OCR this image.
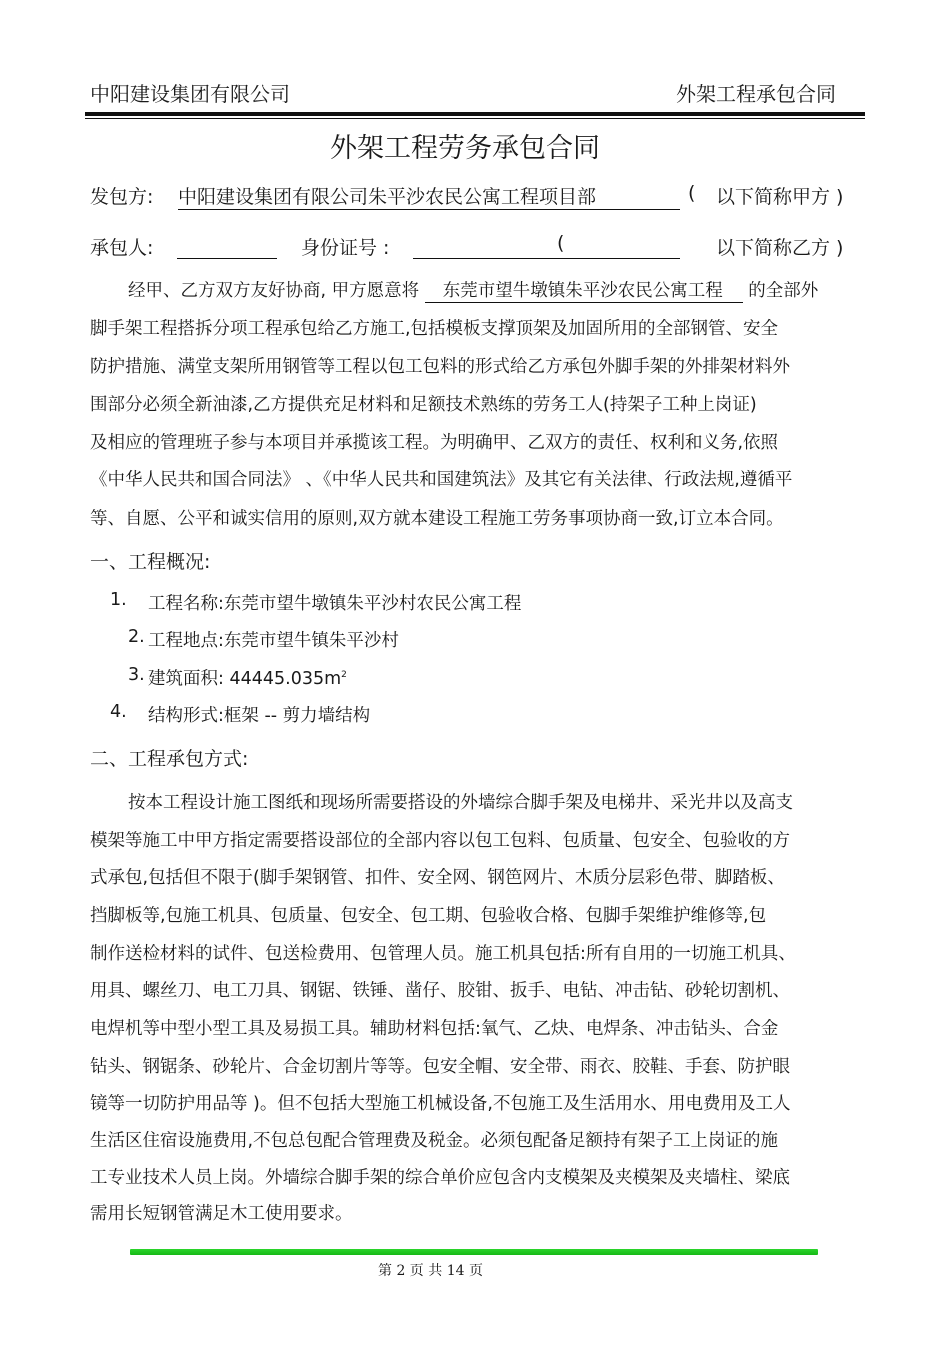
中阳建设集团有限公司	外架工程承包合同
外架工程劳务承包合同
发包方: 中阳建设集团有限公司朱平沙农民公寓工程项目部	( 以下简称甲方 )
承包人:	身份证号 :	(	以下简称乙方 )
经甲、乙方双方友好协商, 甲方愿意将 东莞市望牛墩镇朱平沙农民公寓工程 的全部外
脚手架工程搭拆分项工程承包给乙方施工,包括模板支撑顶架及加固所用的全部钢管、安全
防护措施、满堂支架所用钢管等工程以包工包料的形式给乙方承包外脚手架的外排架材料外
围部分必须全新油漆,乙方提供充足材料和足额技术熟练的劳务工人(持架子工种上岗证)
及相应的管理班子参与本项目并承揽该工程。为明确甲、乙双方的责任、权利和义务,依照
《中华人民共和国合同法》 、《中华人民共和国建筑法》及其它有关法律、行政法规,遵循平
等、自愿、公平和诚实信用的原则,双方就本建设工程施工劳务事项协商一致,订立本合同。
一、工程概况:
1. 工程名称:东莞市望牛墩镇朱平沙村农民公寓工程
2. 工程地点:东莞市望牛镇朱平沙村
3. 建筑面积: $44445.035m^2$
4. 结构形式:框架 -- 剪力墙结构
二、工程承包方式:
按本工程设计施工图纸和现场所需要搭设的外墙综合脚手架及电梯井、采光井以及高支
模架等施工中甲方指定需要搭设部位的全部内容以包工包料、包质量、包安全、包验收的方
式承包,包括但不限于(脚手架钢管、扣件、安全网、钢笆网片、木质分层彩色带、脚踏板、
挡脚板等,包施工机具、包质量、包安全、包工期、包验收合格、包脚手架维护维修等,包
制作送检材料的试件、包送检费用、包管理人员。施工机具包括:所有自用的一切施工机具、
用具、螺丝刀、电工刀具、钢锯、铁锤、凿仔、胶钳、扳手、电钻、冲击钻、砂轮切割机、
电焊机等中型小型工具及易损工具。辅助材料包括:氧气、乙炔、电焊条、冲击钻头、合金
钻头、钢锯条、砂轮片、合金切割片等等。包安全帽、安全带、雨衣、胶鞋、手套、防护眼
镜等一切防护用品等 )。但不包括大型施工机械设备,不包施工及生活用水、用电费用及工人
生活区住宿设施费用,不包总包配合管理费及税金。必须包配备足额持有架子工上岗证的施
工专业技术人员上岗。外墙综合脚手架的综合单价应包含内支模架及夹模架及夹墙柱、梁底
需用长短钢管满足木工使用要求。
第 2 页 共 14 页
